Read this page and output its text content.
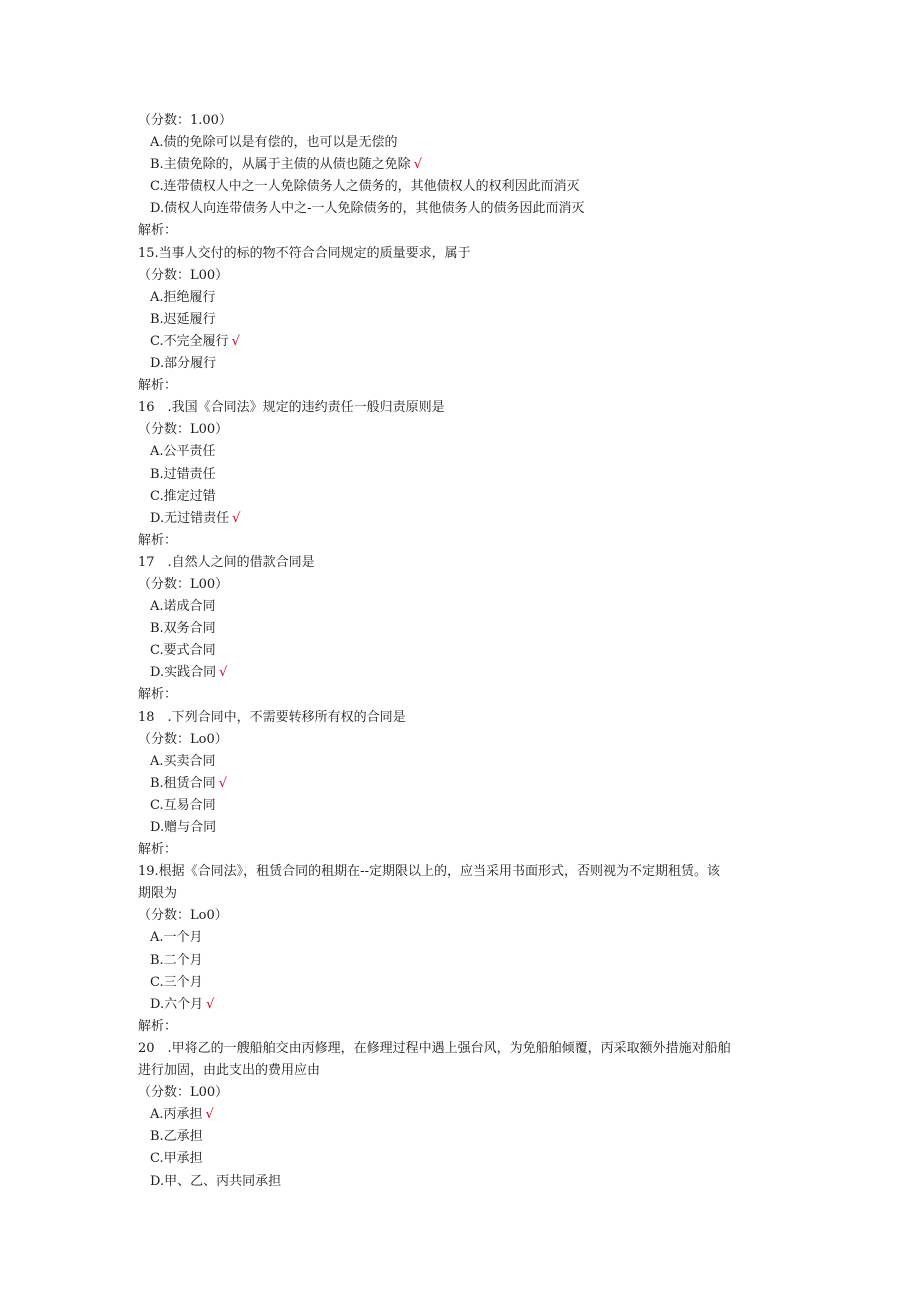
（分数：1.00）
A.债的免除可以是有偿的，也可以是无偿的
B.主债免除的，从属于主债的从债也随之免除 √
C.连带债权人中之一人免除债务人之债务的，其他债权人的权利因此而消灭
D.债权人向连带债务人中之-一人免除债务的，其他债务人的债务因此而消灭
解析：
15.当事人交付的标的物不符合合同规定的质量要求，属于
（分数：L00）
A.拒绝履行
B.迟延履行
C.不完全履行 √
D.部分履行
解析：
16　.我国《合同法》规定的违约责任一般归责原则是
（分数：L00）
A.公平责任
B.过错责任
C.推定过错
D.无过错责任 √
解析：
17　.自然人之间的借款合同是
（分数：L00）
A.诺成合同
B.双务合同
C.要式合同
D.实践合同 √
解析：
18　.下列合同中，不需要转移所有权的合同是
（分数：Lo0）
A.买卖合同
B.租赁合同 √
C.互易合同
D.赠与合同
解析：
19.根据《合同法》，租赁合同的租期在--定期限以上的，应当采用书面形式，否则视为不定期租赁。该
期限为
（分数：Lo0）
A.一个月
B.二个月
C.三个月
D.六个月 √
解析：
20　.甲将乙的一艘船舶交由丙修理，在修理过程中遇上强台风，为免船舶倾覆，丙采取额外措施对船舶
进行加固，由此支出的费用应由
（分数：L00）
A.丙承担 √
B.乙承担
C.甲承担
D.甲、乙、丙共同承担
